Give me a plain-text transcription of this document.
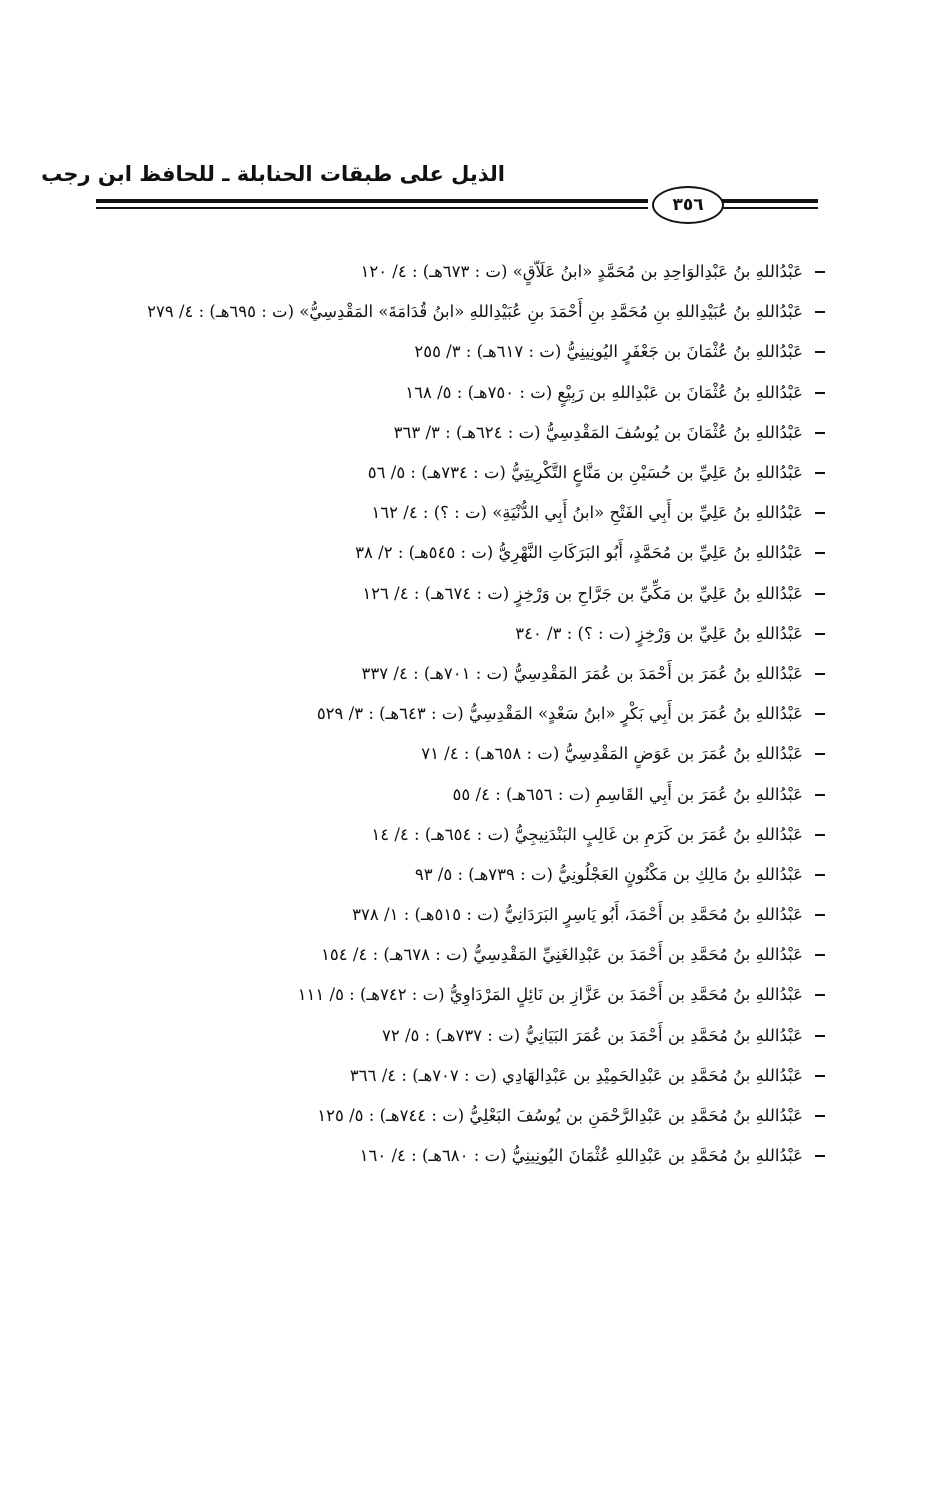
الذيل على طبقات الحنابلة ـ للحافظ ابن رجب
٣٥٦
عَبْدُاللهِ بنُ عَبْدِالوَاحِدِ بن مُحَمَّدٍ «ابنُ عَلَاّقٍ» (ت : ٦٧٣هـ) : ٤/ ١٢٠
عَبْدُاللهِ بنُ عُبَيْدِاللهِ بنِ مُحَمَّدِ بنِ أَحْمَدَ بنِ عُبَيْدِاللهِ «ابنُ قُدَامَةَ» المَقْدِسِيُّ» (ت : ٦٩٥هـ) : ٤/ ٢٧٩
عَبْدُاللهِ بنُ عُثْمَانَ بن جَعْفَرٍ اليُونِينِيُّ (ت : ٦١٧هـ) : ٣/ ٢٥٥
عَبْدُاللهِ بنُ عُثْمَانَ بن عَبْدِاللهِ بن رَبِيْعٍ (ت : ٧٥٠هـ) : ٥/ ١٦٨
عَبْدُاللهِ بنُ عُثْمَانَ بن يُوسُفَ المَقْدِسِيُّ (ت : ٦٢٤هـ) : ٣/ ٣٦٣
عَبْدُاللهِ بنُ عَلِيِّ بن حُسَيْنِ بن مَنَّاعٍ التَّكْرِيتِيُّ (ت : ٧٣٤هـ) : ٥/ ٥٦
عَبْدُاللهِ بنُ عَلِيِّ بن أَبِي الفَتْحِ «ابنُ أَبِي الدُّنْيَةِ» (ت : ؟) : ٤/ ١٦٢
عَبْدُاللهِ بنُ عَلِيِّ بن مُحَمَّدٍ، أَبُو البَرَكَاتِ النَّهْرِيُّ (ت : ٥٤٥هـ) : ٢/ ٣٨
عَبْدُاللهِ بنُ عَلِيِّ بن مَكِّيِّ بن جَرَّاحِ بن وَرْخِزٍ (ت : ٦٧٤هـ) : ٤/ ١٢٦
عَبْدُاللهِ بنُ عَلِيِّ بن وَرْخِزٍ (ت : ؟) : ٣/ ٣٤٠
عَبْدُاللهِ بنُ عُمَرَ بن أَحْمَدَ بن عُمَرَ المَقْدِسِيُّ (ت : ٧٠١هـ) : ٤/ ٣٣٧
عَبْدُاللهِ بنُ عُمَرَ بن أَبِي بَكْرٍ «ابنُ سَعْدٍ» المَقْدِسِيُّ (ت : ٦٤٣هـ) : ٣/ ٥٢٩
عَبْدُاللهِ بنُ عُمَرَ بن عَوَضٍ المَقْدِسِيُّ (ت : ٦٥٨هـ) : ٤/ ٧١
عَبْدُاللهِ بنُ عُمَرَ بن أَبِي القَاسِمِ (ت : ٦٥٦هـ) : ٤/ ٥٥
عَبْدُاللهِ بنُ عُمَرَ بن كَرَمِ بن غَالِبٍ البَنْدَنِيجِيُّ (ت : ٦٥٤هـ) : ٤/ ١٤
عَبْدُاللهِ بنُ مَالِكِ بن مَكْنُونٍ العَجْلُونِيُّ (ت : ٧٣٩هـ) : ٥/ ٩٣
عَبْدُاللهِ بنُ مُحَمَّدِ بن أَحْمَدَ، أَبُو يَاسِرٍ البَرَدَانِيُّ (ت : ٥١٥هـ) : ١/ ٣٧٨
عَبْدُاللهِ بنُ مُحَمَّدِ بن أَحْمَدَ بن عَبْدِالغَنِيِّ المَقْدِسِيُّ (ت : ٦٧٨هـ) : ٤/ ١٥٤
عَبْدُاللهِ بنُ مُحَمَّدِ بن أَحْمَدَ بن عَزَّازِ بن نَائِلٍ المَرْدَاوِيُّ (ت : ٧٤٢هـ) : ٥/ ١١١
عَبْدُاللهِ بنُ مُحَمَّدِ بن أَحْمَدَ بن عُمَرَ البَيَانِيُّ (ت : ٧٣٧هـ) : ٥/ ٧٢
عَبْدُاللهِ بنُ مُحَمَّدِ بن عَبْدِالحَمِيْدِ بن عَبْدِالهَادِي (ت : ٧٠٧هـ) : ٤/ ٣٦٦
عَبْدُاللهِ بنُ مُحَمَّدِ بن عَبْدِالرَّحْمَنِ بن يُوسُفَ البَعْلِيُّ (ت : ٧٤٤هـ) : ٥/ ١٢٥
عَبْدُاللهِ بنُ مُحَمَّدِ بن عَبْدِاللهِ عُثْمَانَ اليُونِينِيُّ (ت : ٦٨٠هـ) : ٤/ ١٦٠
